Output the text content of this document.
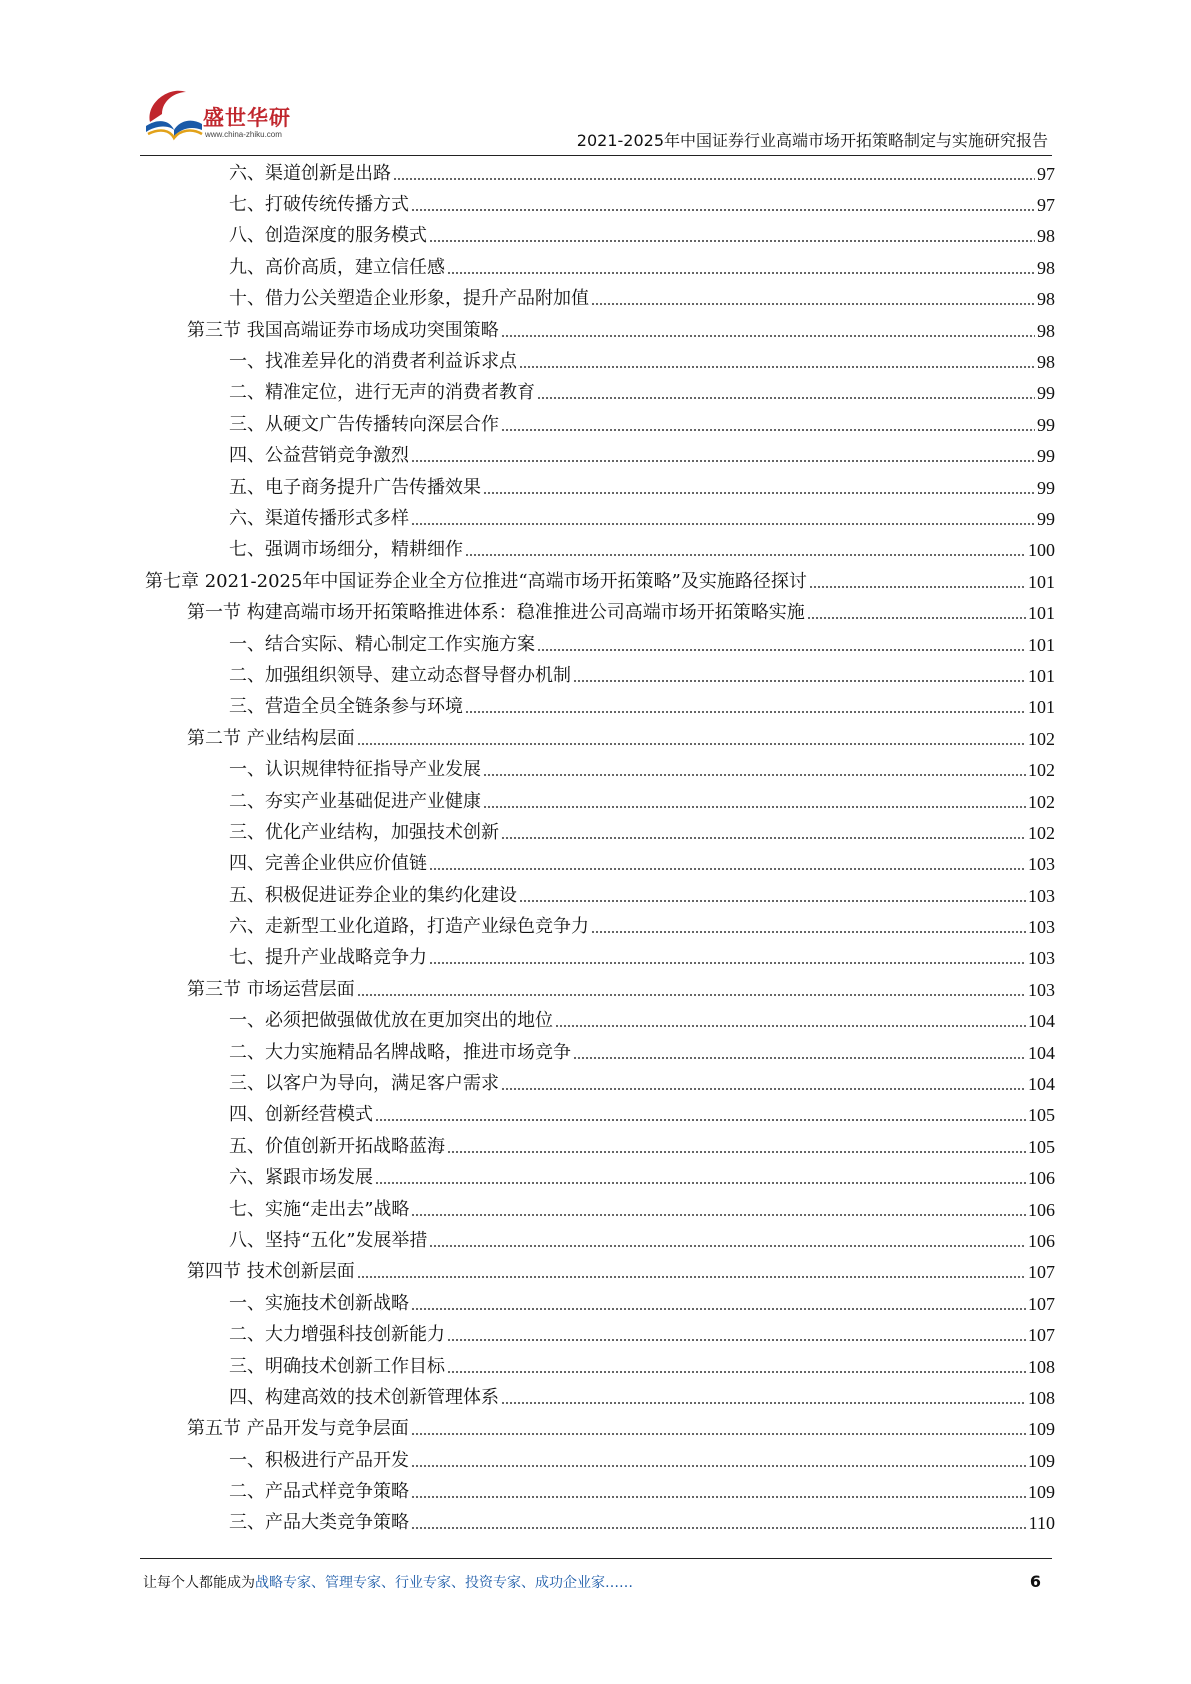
盛世华研
www.china-zhiku.com	2021-2025年中国证券行业高端市场开拓策略制定与实施研究报告
六、渠道创新是出路	97
七、打破传统传播方式	97
八、创造深度的服务模式	98
九、高价高质，建立信任感	98
十、借力公关塑造企业形象，提升产品附加值	98
第三节 我国高端证券市场成功突围策略	98
一、找准差异化的消费者利益诉求点	98
二、精准定位，进行无声的消费者教育	99
三、从硬文广告传播转向深层合作	99
四、公益营销竞争激烈	99
五、电子商务提升广告传播效果	99
六、渠道传播形式多样	99
七、强调市场细分，精耕细作	100
第七章 2021-2025年中国证券企业全方位推进“高端市场开拓策略”及实施路径探讨	101
第一节 构建高端市场开拓策略推进体系：稳准推进公司高端市场开拓策略实施	101
一、结合实际、精心制定工作实施方案	101
二、加强组织领导、建立动态督导督办机制	101
三、营造全员全链条参与环境	101
第二节 产业结构层面	102
一、认识规律特征指导产业发展	102
二、夯实产业基础促进产业健康	102
三、优化产业结构，加强技术创新	102
四、完善企业供应价值链	103
五、积极促进证券企业的集约化建设	103
六、走新型工业化道路，打造产业绿色竞争力	103
七、提升产业战略竞争力	103
第三节 市场运营层面	103
一、必须把做强做优放在更加突出的地位	104
二、大力实施精品名牌战略，推进市场竞争	104
三、以客户为导向，满足客户需求	104
四、创新经营模式	105
五、价值创新开拓战略蓝海	105
六、紧跟市场发展	106
七、实施“走出去”战略	106
八、坚持“五化”发展举措	106
第四节 技术创新层面	107
一、实施技术创新战略	107
二、大力增强科技创新能力	107
三、明确技术创新工作目标	108
四、构建高效的技术创新管理体系	108
第五节 产品开发与竞争层面	109
一、积极进行产品开发	109
二、产品式样竞争策略	109
三、产品大类竞争策略	110
让每个人都能成为战略专家、管理专家、行业专家、投资专家、成功企业家……	6
